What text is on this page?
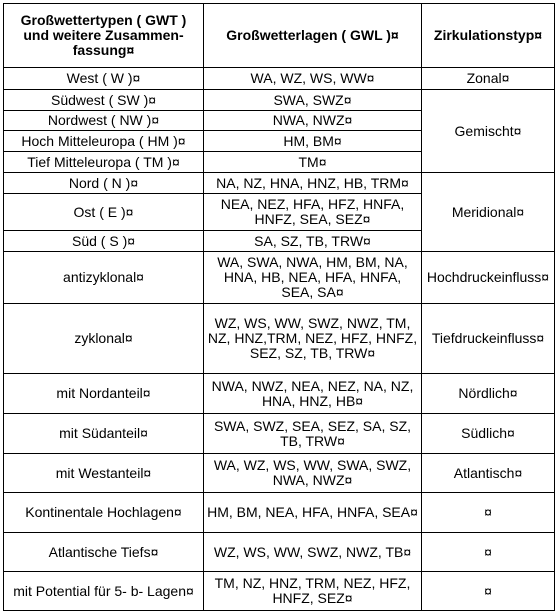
Großwettertypen ( GWT ) und weitere Zusammen-fassung¤	Großwetterlagen ( GWL )¤	Zirkulationstyp¤
West ( W )¤	WA, WZ, WS, WW¤	Zonal¤
Südwest ( SW )¤	SWA, SWZ¤	Gemischt¤
Nordwest ( NW )¤	NWA, NWZ¤	
Hoch Mitteleuropa ( HM )¤	HM, BM¤	
Tief Mitteleuropa ( TM )¤	TM¤	
Nord ( N )¤	NA, NZ, HNA, HNZ, HB, TRM¤	Meridional¤
Ost ( E )¤	NEA, NEZ, HFA, HFZ, HNFA, HNFZ, SEA, SEZ¤	
Süd ( S )¤	SA, SZ, TB, TRW¤	
antizyklonal¤	WA, SWA, NWA, HM, BM, NA, HNA, HB, NEA, HFA, HNFA, SEA, SA¤	Hochdruckeinfluss¤
zyklonal¤	WZ, WS, WW, SWZ, NWZ, TM, NZ, HNZ,TRM, NEZ, HFZ, HNFZ, SEZ, SZ, TB, TRW¤	Tiefdruckeinfluss¤
mit Nordanteil¤	NWA, NWZ, NEA, NEZ, NA, NZ, HNA, HNZ, HB¤	Nördlich¤
mit Südanteil¤	SWA, SWZ, SEA, SEZ, SA, SZ, TB, TRW¤	Südlich¤
mit Westanteil¤	WA, WZ, WS, WW, SWA, SWZ, NWA, NWZ¤	Atlantisch¤
Kontinentale Hochlagen¤	HM, BM, NEA, HFA, HNFA, SEA¤	¤
Atlantische Tiefs¤	WZ, WS, WW, SWZ, NWZ, TB¤	¤
mit Potential für 5- b- Lagen¤	TM, NZ, HNZ, TRM, NEZ, HFZ, HNFZ, SEZ¤	¤
